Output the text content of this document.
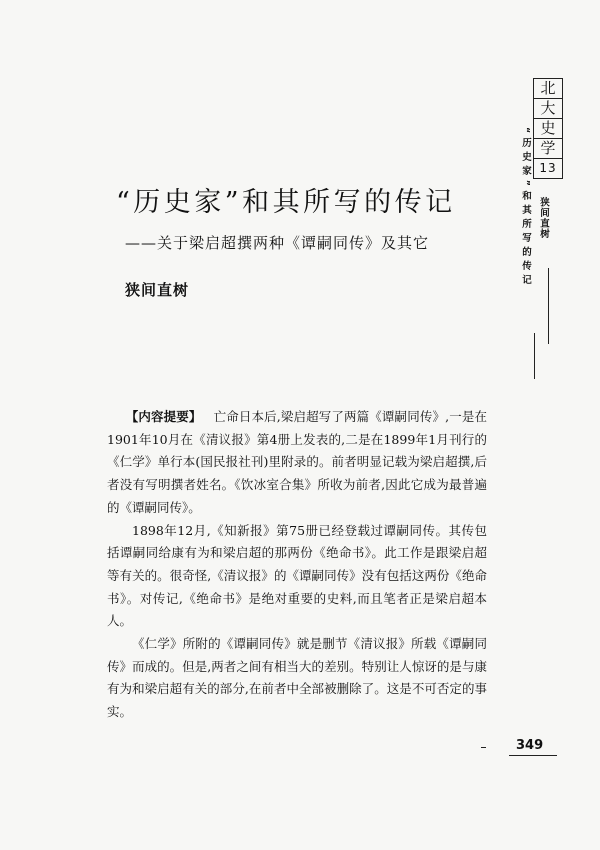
北
大
史
学
13
“历史家”和其所写的传记 狭间直树
“历史家”和其所写的传记
——关于梁启超撰两种《谭嗣同传》及其它
狭间直树

【内容提要】 亡命日本后,梁启超写了两篇《谭嗣同传》,一是在1901年10月在《清议报》第4册上发表的,二是在1899年1月刊行的《仁学》单行本(国民报社刊)里附录的。前者明显记载为梁启超撰,后者没有写明撰者姓名。《饮冰室合集》所收为前者,因此它成为最普遍的《谭嗣同传》。

1898年12月,《知新报》第75册已经登载过谭嗣同传。其传包括谭嗣同给康有为和梁启超的那两份《绝命书》。此工作是跟梁启超等有关的。很奇怪,《清议报》的《谭嗣同传》没有包括这两份《绝命书》。对传记,《绝命书》是绝对重要的史料,而且笔者正是梁启超本人。

《仁学》所附的《谭嗣同传》就是删节《清议报》所载《谭嗣同传》而成的。但是,两者之间有相当大的差别。特别让人惊讶的是与康有为和梁启超有关的部分,在前者中全部被删除了。这是不可否定的事实。

349
